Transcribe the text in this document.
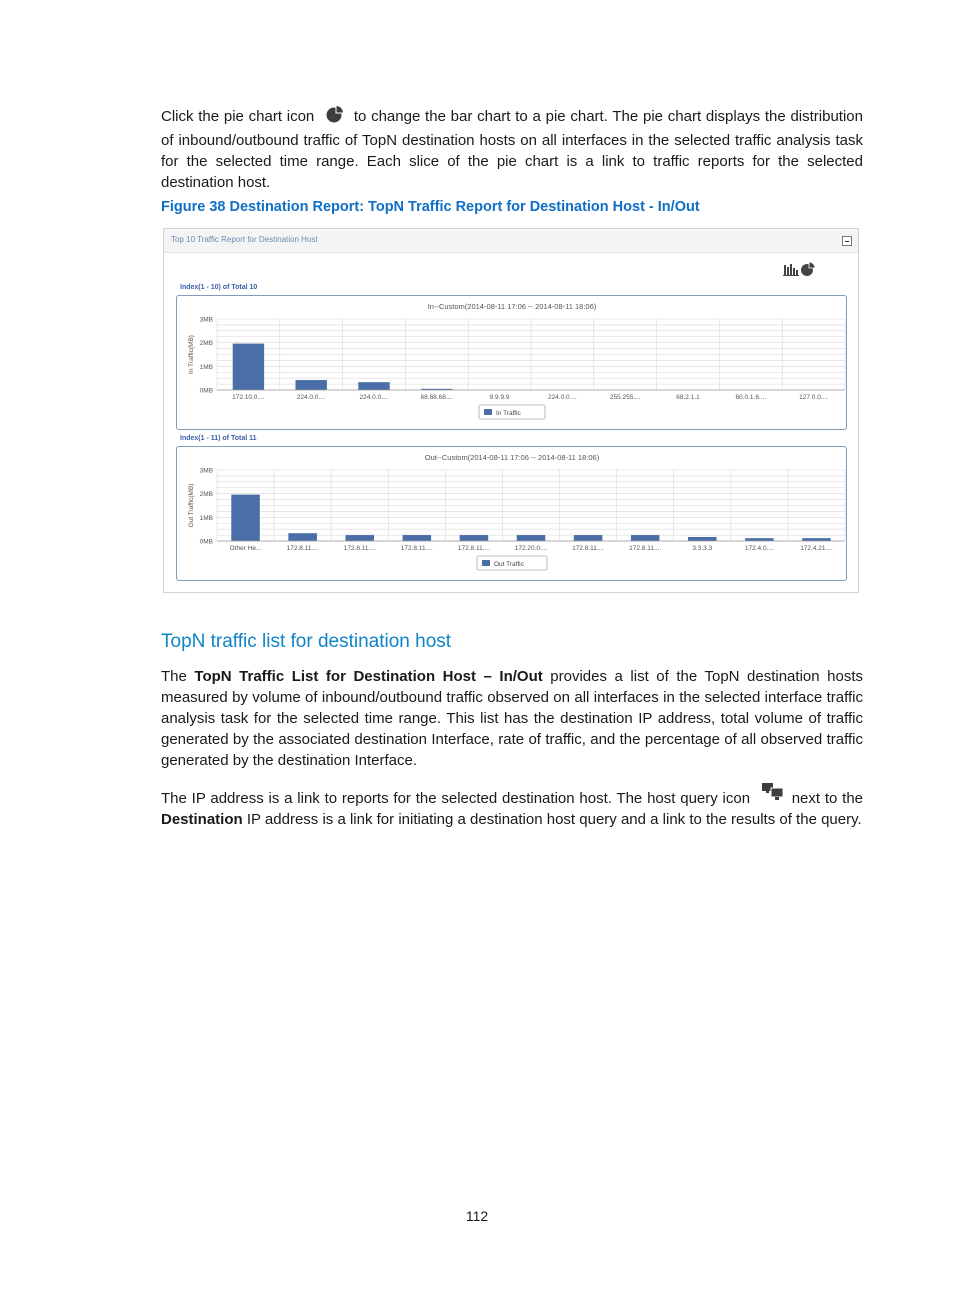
Click the pie chart icon	to change the bar chart to a pie chart. The pie chart displays the distribution of inbound/outbound traffic of TopN destination hosts on all interfaces in the selected traffic analysis task for the selected time range. Each slice of the pie chart is a link to traffic reports for the selected destination host.
Figure 38 Destination Report: TopN Traffic Report for Destination Host - In/Out
Top 10 Traffic Report for Destination Host
Index(1 - 10) of Total 10
In--Custom(2014-08-11 17:06 -- 2014-08-11 18:06)
0MB
1MB
2MB
3MB
In Traffic(MB)
172.10.0....	224.0.0....	224.0.0....	68.68.68....	9.9.9.9	224.0.0....	255.255....	68.2.1.1	60.0.1.6....	127.0.0....
In Traffic
Index(1 - 11) of Total 11
Out--Custom(2014-08-11 17:06 -- 2014-08-11 18:06)
0MB
1MB
2MB
3MB
Out Traffic(MB)
Other He...	172.8.11....	172.8.11....	172.8.11....	172.8.11....	172.20.0....	172.8.11....	172.8.11....	3.3.3.3	172.4.0....	172.4.21....
Out Traffic
TopN traffic list for destination host
The TopN Traffic List for Destination Host – In/Out provides a list of the TopN destination hosts measured by volume of inbound/outbound traffic observed on all interfaces in the selected interface traffic analysis task for the selected time range. This list has the destination IP address, total volume of traffic generated by the associated destination Interface, rate of traffic, and the percentage of all observed traffic generated by the destination Interface.
The IP address is a link to reports for the selected destination host. The host query icon  next to the Destination IP address is a link for initiating a destination host query and a link to the results of the query.
112
